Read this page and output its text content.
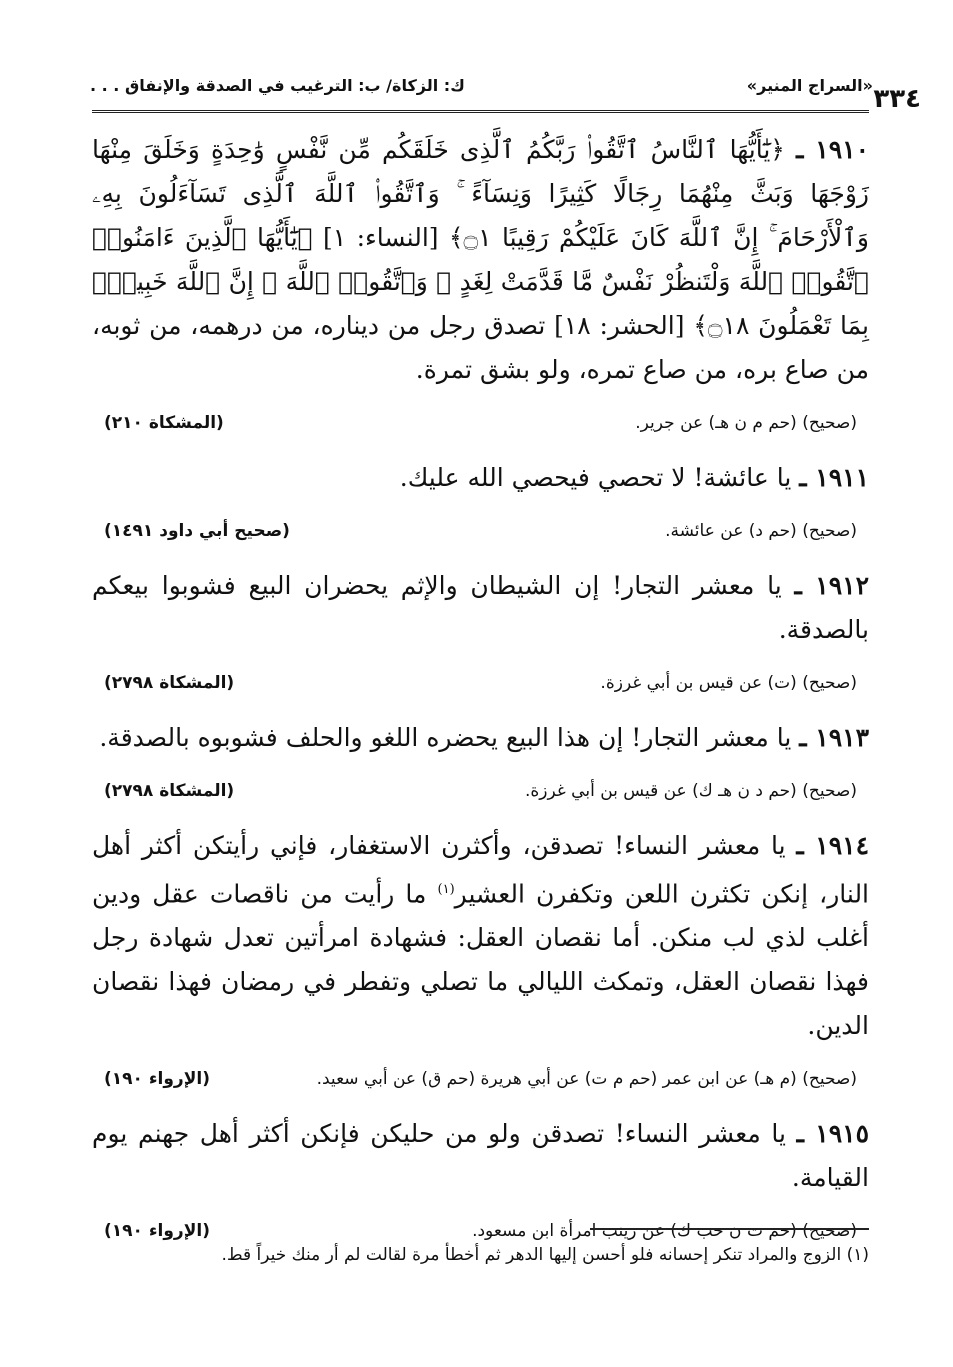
٣٣٤
«السراج المنير»
ك: الزكاة/ ب: الترغيب في الصدقة والإنفاق . . .

١٩١٠ ـ ﴿يَٰٓأَيُّهَا ٱلنَّاسُ ٱتَّقُوا۟ رَبَّكُمُ ٱلَّذِى خَلَقَكُم مِّن نَّفْسٍ وَٰحِدَةٍ وَخَلَقَ مِنْهَا زَوْجَهَا وَبَثَّ مِنْهُمَا رِجَالًا كَثِيرًا وَنِسَآءً ۚ وَٱتَّقُوا۟ ٱللَّهَ ٱلَّذِى تَسَآءَلُونَ بِهِۦ وَٱلْأَرْحَامَ ۚ إِنَّ ٱللَّهَ كَانَ عَلَيْكُمْ رَقِيبًا ۝١﴾ [النساء: ١] ﴿يَٰٓأَيُّهَا ٱلَّذِينَ ءَامَنُوا۟ ٱتَّقُوا۟ ٱللَّهَ وَلْتَنظُرْ نَفْسٌ مَّا قَدَّمَتْ لِغَدٍ ۖ وَٱتَّقُوا۟ ٱللَّهَ ۚ إِنَّ ٱللَّهَ خَبِيرٌۢ بِمَا تَعْمَلُونَ ۝١٨﴾ [الحشر: ١٨] تصدق رجل من ديناره، من درهمه، من ثوبه، من صاع بره، من صاع تمره، ولو بشق تمرة.

(صحيح) (حم م ن هـ) عن جرير.
(المشكاة ٢١٠)

١٩١١ ـ يا عائشة! لا تحصي فيحصي الله عليك.

(صحيح) (حم د) عن عائشة.
(صحيح أبي داود ١٤٩١)

١٩١٢ ـ يا معشر التجار! إن الشيطان والإثم يحضران البيع فشوبوا بيعكم بالصدقة.

(صحيح) (ت) عن قيس بن أبي غرزة.
(المشكاة ٢٧٩٨)

١٩١٣ ـ يا معشر التجار! إن هذا البيع يحضره اللغو والحلف فشوبوه بالصدقة.

(صحيح) (حم د ن هـ ك) عن قيس بن أبي غرزة.
(المشكاة ٢٧٩٨)

١٩١٤ ـ يا معشر النساء! تصدقن، وأكثرن الاستغفار، فإني رأيتكن أكثر أهل النار، إنكن تكثرن اللعن وتكفرن العشير$^{(١)}$ ما رأيت من ناقصات عقل ودين أغلب لذي لب منكن. أما نقصان العقل: فشهادة امرأتين تعدل شهادة رجل فهذا نقصان العقل، وتمكث الليالي ما تصلي وتفطر في رمضان فهذا نقصان الدين.

(صحيح) (م هـ) عن ابن عمر (حم م ت) عن أبي هريرة (حم ق) عن أبي سعيد.
(الإرواء ١٩٠)

١٩١٥ ـ يا معشر النساء! تصدقن ولو من حليكن فإنكن أكثر أهل جهنم يوم القيامة.

(صحيح) (حم ت ن حب ك) عن زينب امرأة ابن مسعود.
(الإرواء ١٩٠)
(١) الزوج والمراد تنكر إحسانه فلو أحسن إليها الدهر ثم أخطأ مرة لقالت لم أر منك خيراً قط.
